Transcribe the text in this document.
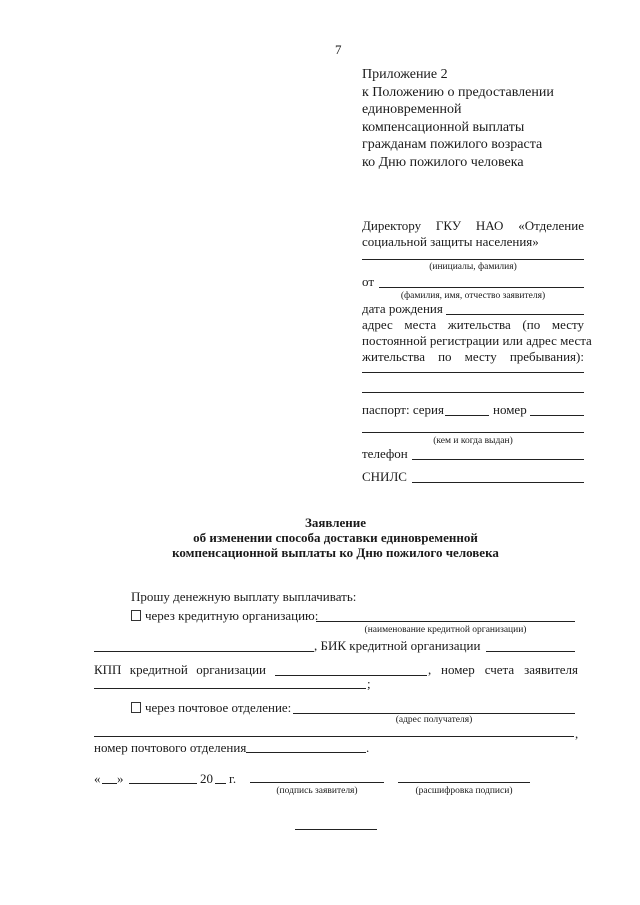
7
Приложение 2
к Положению о предоставлении
единовременной
компенсационной выплаты
гражданам пожилого возраста
ко Дню пожилого человека
Директору ГКУ НАО «Отделение
социальной защиты населения»
(инициалы, фамилия)
от
(фамилия, имя, отчество заявителя)
дата рождения
адрес места жительства (по месту
постоянной регистрации или адрес места
жительства по месту пребывания):
паспорт: серия	номер
(кем и когда выдан)
телефон
СНИЛС
Заявление
об изменении способа доставки единовременной
компенсационной выплаты ко Дню пожилого человека
Прошу денежную выплату выплачивать:
через кредитную организацию:
(наименование кредитной организации)
, БИК кредитной организации
КПП кредитной организации	, номер счета заявителя
;
через почтовое отделение:
(адрес получателя)
,
номер почтового отделения	.
« »	20 г.
(подпись заявителя)	(расшифровка подписи)
